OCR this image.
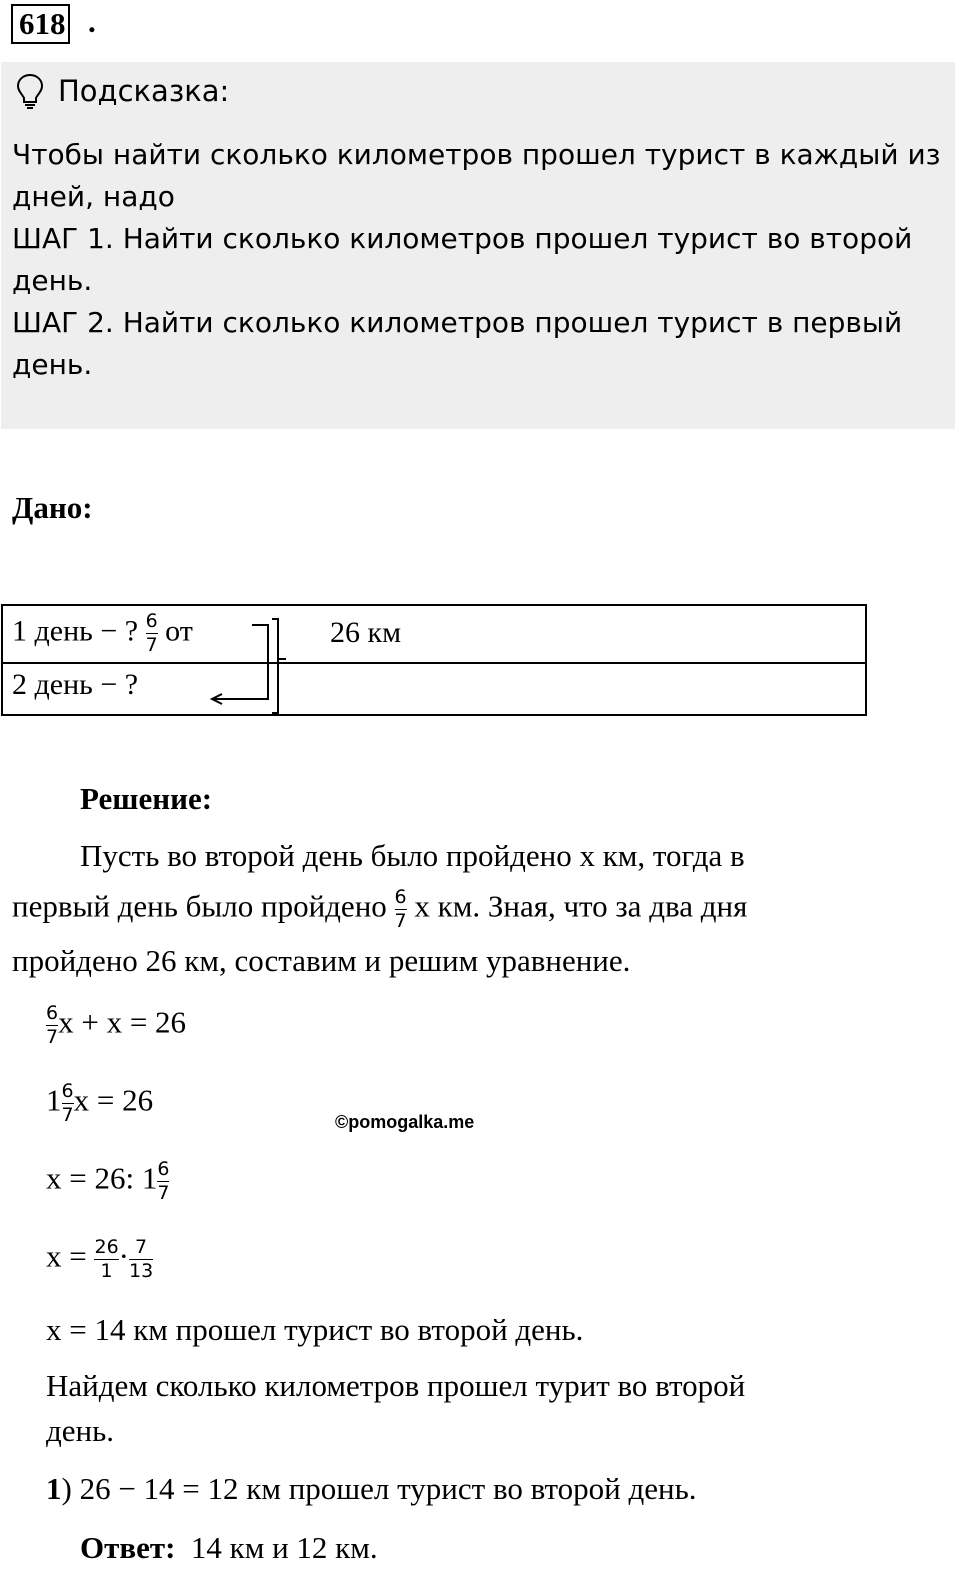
618 .
Подсказка:
Чтобы найти сколько километров прошел турист в каждый из
дней, надо
ШАГ 1. Найти сколько километров прошел турист во второй
день.
ШАГ 2. Найти сколько километров прошел турист в первый
день.
Дано:
1 день − ? $\frac{6}{7}$ от
2 день − ?
26 км
Решение:
Пусть во второй день было пройдено x км, тогда в
первый день было пройдено $\frac{6}{7}$ x км. Зная, что за два дня
пройдено 26 км, составим и решим уравнение.
$\frac{6}{7}$ x + x = 26
$1 \frac{6}{7}$ x = 26
x = 26: $1 \frac{6}{7}$
$x = \frac{26}{1} \cdot \frac{7}{13}$
x = 14 км прошел турист во второй день.
Найдем сколько километров прошел турит во второй
день.
1) 26 − 14 = 12 км прошел турист во второй день.
Ответ: 14 км и 12 км.
©pomogalka.me
